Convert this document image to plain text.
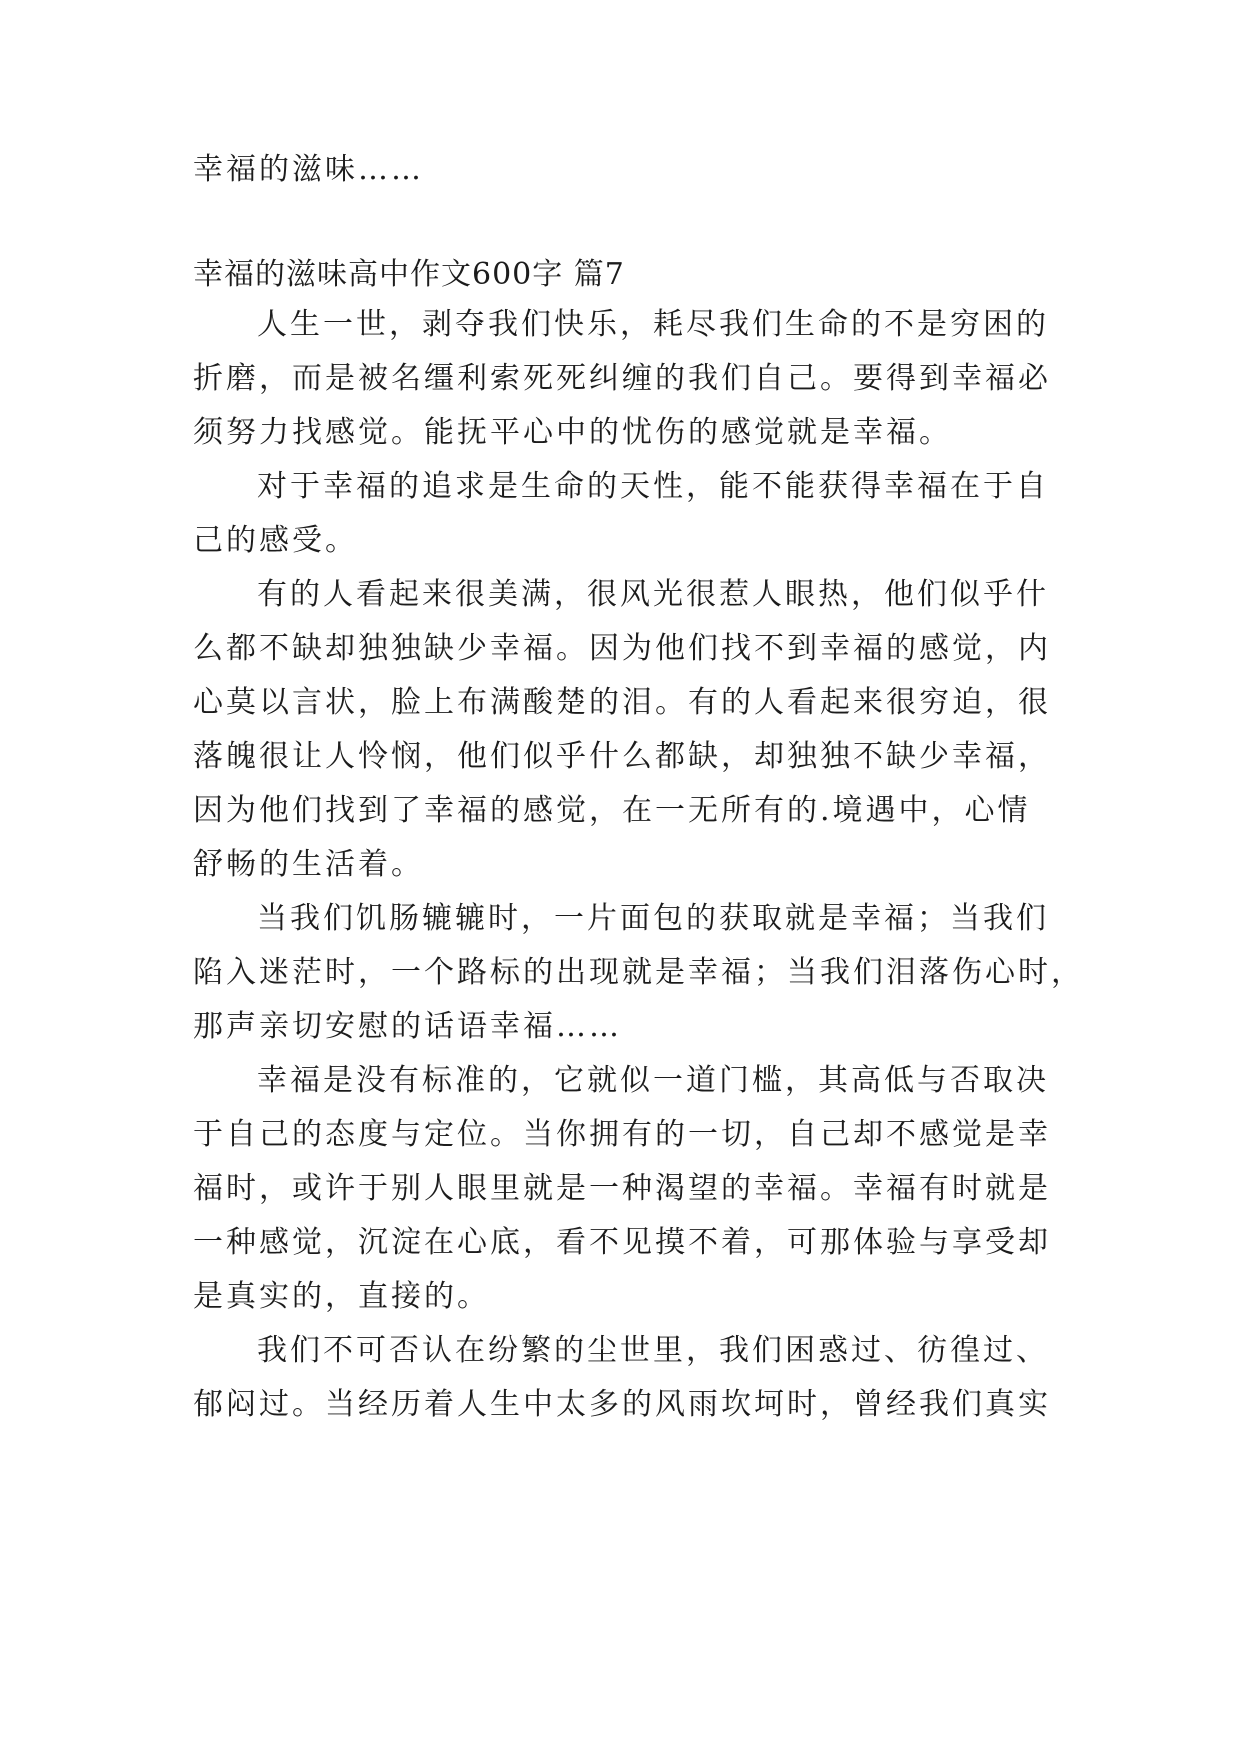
幸福的滋味……
幸福的滋味高中作文600字 篇7
人生一世，剥夺我们快乐，耗尽我们生命的不是穷困的
折磨，而是被名缰利索死死纠缠的我们自己。要得到幸福必
须努力找感觉。能抚平心中的忧伤的感觉就是幸福。
对于幸福的追求是生命的天性，能不能获得幸福在于自
己的感受。
有的人看起来很美满，很风光很惹人眼热，他们似乎什
么都不缺却独独缺少幸福。因为他们找不到幸福的感觉，内
心莫以言状，脸上布满酸楚的泪。有的人看起来很穷迫，很
落魄很让人怜悯，他们似乎什么都缺，却独独不缺少幸福，
因为他们找到了幸福的感觉，在一无所有的.境遇中，心情
舒畅的生活着。
当我们饥肠辘辘时，一片面包的获取就是幸福；当我们
陷入迷茫时，一个路标的出现就是幸福；当我们泪落伤心时，
那声亲切安慰的话语幸福……
幸福是没有标准的，它就似一道门槛，其高低与否取决
于自己的态度与定位。当你拥有的一切，自己却不感觉是幸
福时，或许于别人眼里就是一种渴望的幸福。幸福有时就是
一种感觉，沉淀在心底，看不见摸不着，可那体验与享受却
是真实的，直接的。
我们不可否认在纷繁的尘世里，我们困惑过、彷徨过、
郁闷过。当经历着人生中太多的风雨坎坷时，曾经我们真实
